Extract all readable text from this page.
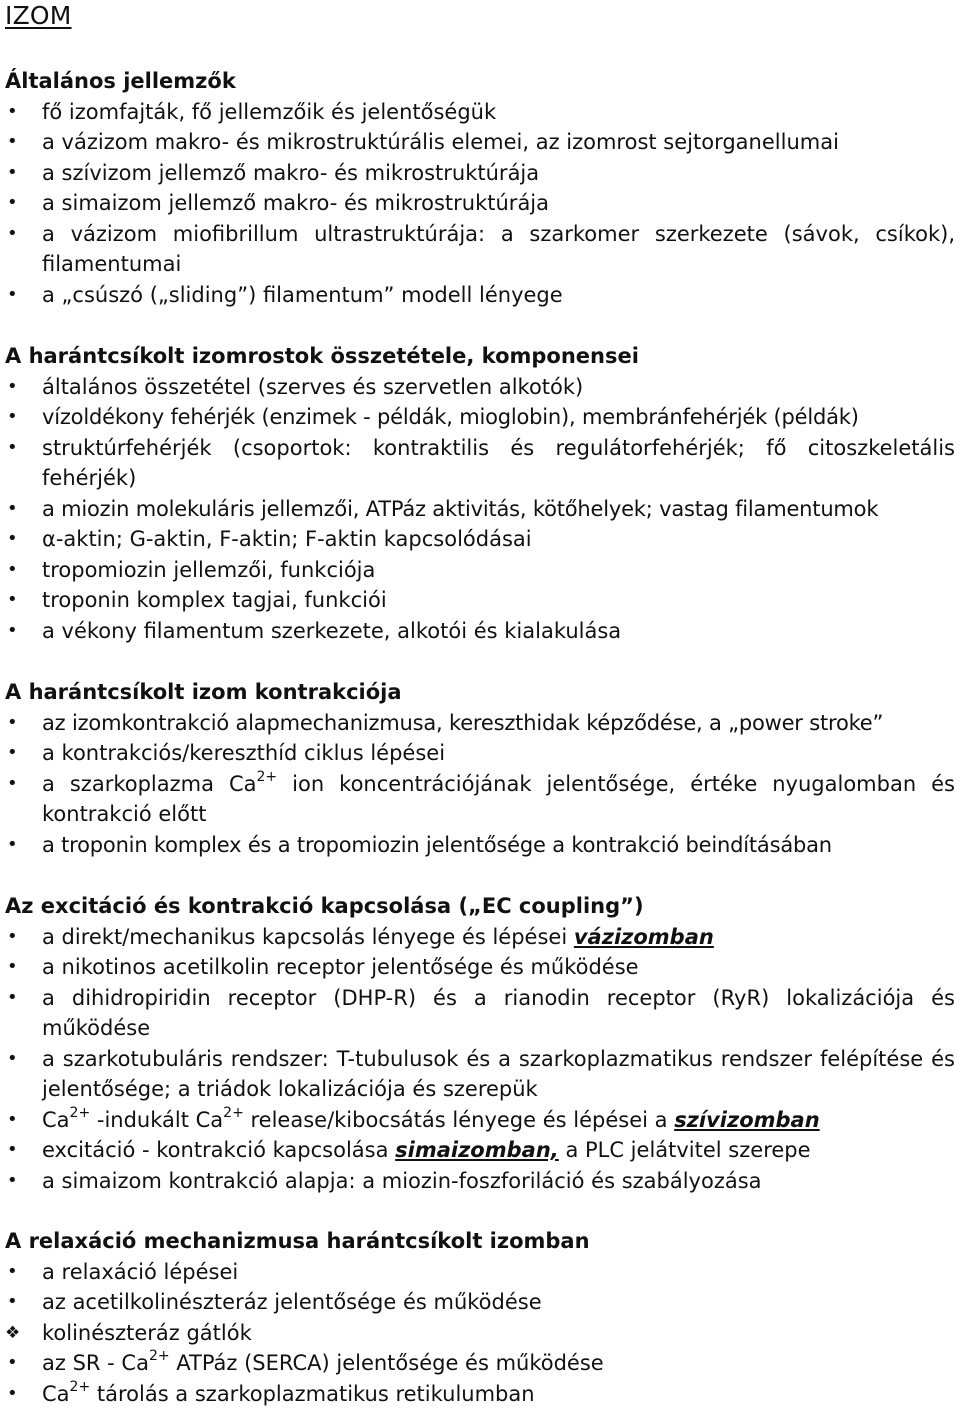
IZOM
Általános jellemzők
•	fő izomfajták, fő jellemzőik és jelentőségük
•	a vázizom makro- és mikrostruktúrális elemei, az izomrost sejtorganellumai
•	a szívizom jellemző makro- és mikrostruktúrája
•	a simaizom jellemző makro- és mikrostruktúrája
•	a vázizom miofibrillum ultrastruktúrája: a szarkomer szerkezete (sávok, csíkok), filamentumai
•	a „csúszó („sliding”) filamentum” modell lényege
A harántcsíkolt izomrostok összetétele, komponensei
•	általános összetétel (szerves és szervetlen alkotók)
•	vízoldékony fehérjék (enzimek - példák, mioglobin), membránfehérjék (példák)
•	struktúrfehérjék (csoportok: kontraktilis és regulátorfehérjék; fő citoszkeletális fehérjék)
•	a miozin molekuláris jellemzői, ATPáz aktivitás, kötőhelyek; vastag filamentumok
•	α-aktin; G-aktin, F-aktin; F-aktin kapcsolódásai
•	tropomiozin jellemzői, funkciója
•	troponin komplex tagjai, funkciói
•	a vékony filamentum szerkezete, alkotói és kialakulása
A harántcsíkolt izom kontrakciója
•	az izomkontrakció alapmechanizmusa, kereszthidak képződése, a „power stroke”
•	a kontrakciós/kereszthíd ciklus lépései
•	a szarkoplazma $Ca^{2+}$ ion koncentrációjának jelentősége, értéke nyugalomban és kontrakció előtt
•	a troponin komplex és a tropomiozin jelentősége a kontrakció beindításában
Az excitáció és kontrakció kapcsolása („EC coupling”)
•	a direkt/mechanikus kapcsolás lényege és lépései vázizomban
•	a nikotinos acetilkolin receptor jelentősége és működése
•	a dihidropiridin receptor (DHP-R) és a rianodin receptor (RyR) lokalizációja és működése
•	a szarkotubuláris rendszer: T-tubulusok és a szarkoplazmatikus rendszer felépítése és jelentősége; a triádok lokalizációja és szerepük
•	$Ca^{2+}$ -indukált $Ca^{2+}$ release/kibocsátás lényege és lépései a szívizomban
•	excitáció - kontrakció kapcsolása simaizomban, a PLC jelátvitel szerepe
•	a simaizom kontrakció alapja: a miozin-foszforiláció és szabályozása
A relaxáció mechanizmusa harántcsíkolt izomban
•	a relaxáció lépései
•	az acetilkolinészteráz jelentősége és működése
❖ kolinészteráz gátlók
•	az SR - $Ca^{2+}$ ATPáz (SERCA) jelentősége és működése
•	$Ca^{2+}$ tárolás a szarkoplazmatikus retikulumban
